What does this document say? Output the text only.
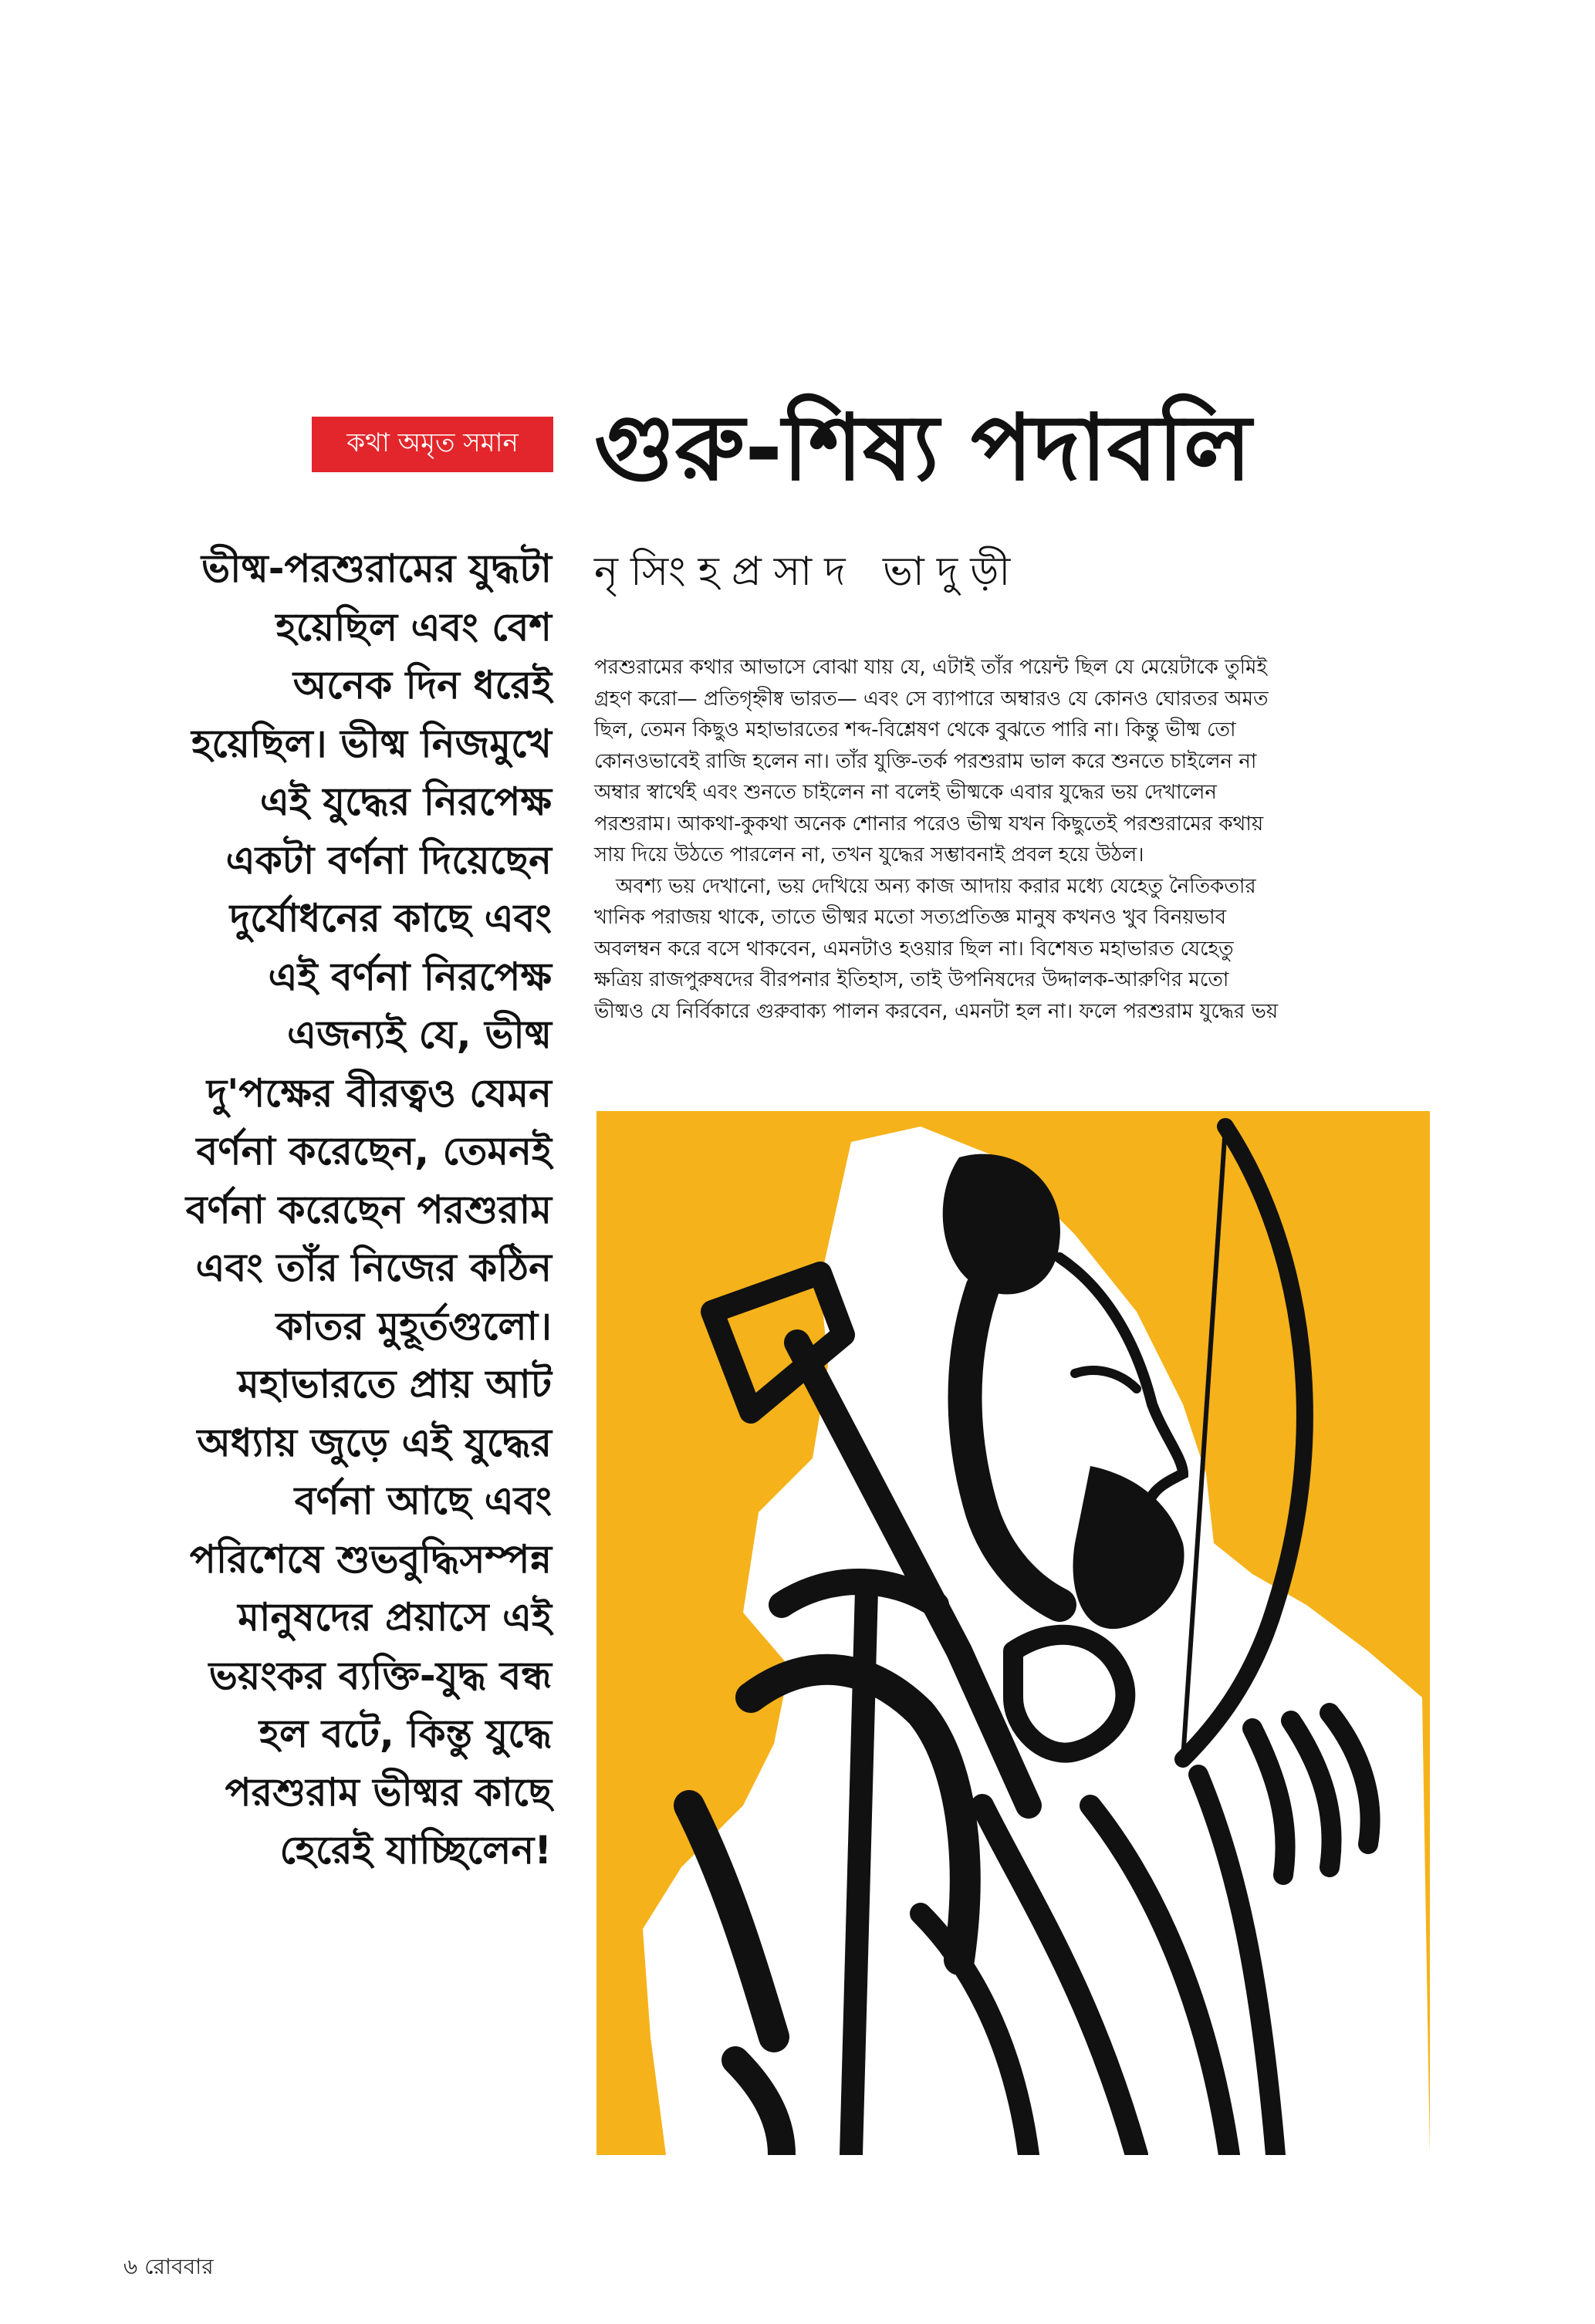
কথা অমৃত সমান গুরু-শিষ্য পদাবলি
নৃসিংহপ্রসাদ ভাদুড়ী
ভীষ্ম-পরশুরামের যুদ্ধটা
হয়েছিল এবং বেশ
অনেক দিন ধরেই
হয়েছিল। ভীষ্ম নিজমুখে
এই যুদ্ধের নিরপেক্ষ
একটা বর্ণনা দিয়েছেন
দুর্যোধনের কাছে এবং
এই বর্ণনা নিরপেক্ষ
এজন্যই যে, ভীষ্ম
দু'পক্ষের বীরত্বও যেমন
বর্ণনা করেছেন, তেমনই
বর্ণনা করেছেন পরশুরাম
এবং তাঁর নিজের কঠিন
কাতর মুহূর্তগুলো।
মহাভারতে প্রায় আট
অধ্যায় জুড়ে এই যুদ্ধের
বর্ণনা আছে এবং
পরিশেষে শুভবুদ্ধিসম্পন্ন
মানুষদের প্রয়াসে এই
ভয়ংকর ব্যক্তি-যুদ্ধ বন্ধ
হল বটে, কিন্তু যুদ্ধে
পরশুরাম ভীষ্মর কাছে
হেরেই যাচ্ছিলেন!
পরশুরামের কথার আভাসে বোঝা যায় যে, এটাই তাঁর পয়েন্ট ছিল যে মেয়েটাকে তুমিই
গ্রহণ করো— প্রতিগৃহ্নীষ্ব ভারত— এবং সে ব্যাপারে অম্বারও যে কোনও ঘোরতর অমত
ছিল, তেমন কিছুও মহাভারতের শব্দ-বিশ্লেষণ থেকে বুঝতে পারি না। কিন্তু ভীষ্ম তো
কোনওভাবেই রাজি হলেন না। তাঁর যুক্তি-তর্ক পরশুরাম ভাল করে শুনতে চাইলেন না
অম্বার স্বার্থেই এবং শুনতে চাইলেন না বলেই ভীষ্মকে এবার যুদ্ধের ভয় দেখালেন
পরশুরাম। আকথা-কুকথা অনেক শোনার পরেও ভীষ্ম যখন কিছুতেই পরশুরামের কথায়
সায় দিয়ে উঠতে পারলেন না, তখন যুদ্ধের সম্ভাবনাই প্রবল হয়ে উঠল।
অবশ্য ভয় দেখানো, ভয় দেখিয়ে অন্য কাজ আদায় করার মধ্যে যেহেতু নৈতিকতার
খানিক পরাজয় থাকে, তাতে ভীষ্মর মতো সত্যপ্রতিজ্ঞ মানুষ কখনও খুব বিনয়ভাব
অবলম্বন করে বসে থাকবেন, এমনটাও হওয়ার ছিল না। বিশেষত মহাভারত যেহেতু
ক্ষত্রিয় রাজপুরুষদের বীরপনার ইতিহাস, তাই উপনিষদের উদ্দালক-আরুণির মতো
ভীষ্মও যে নির্বিকারে গুরুবাক্য পালন করবেন, এমনটা হল না। ফলে পরশুরাম যুদ্ধের ভয়
৬ রোববার
